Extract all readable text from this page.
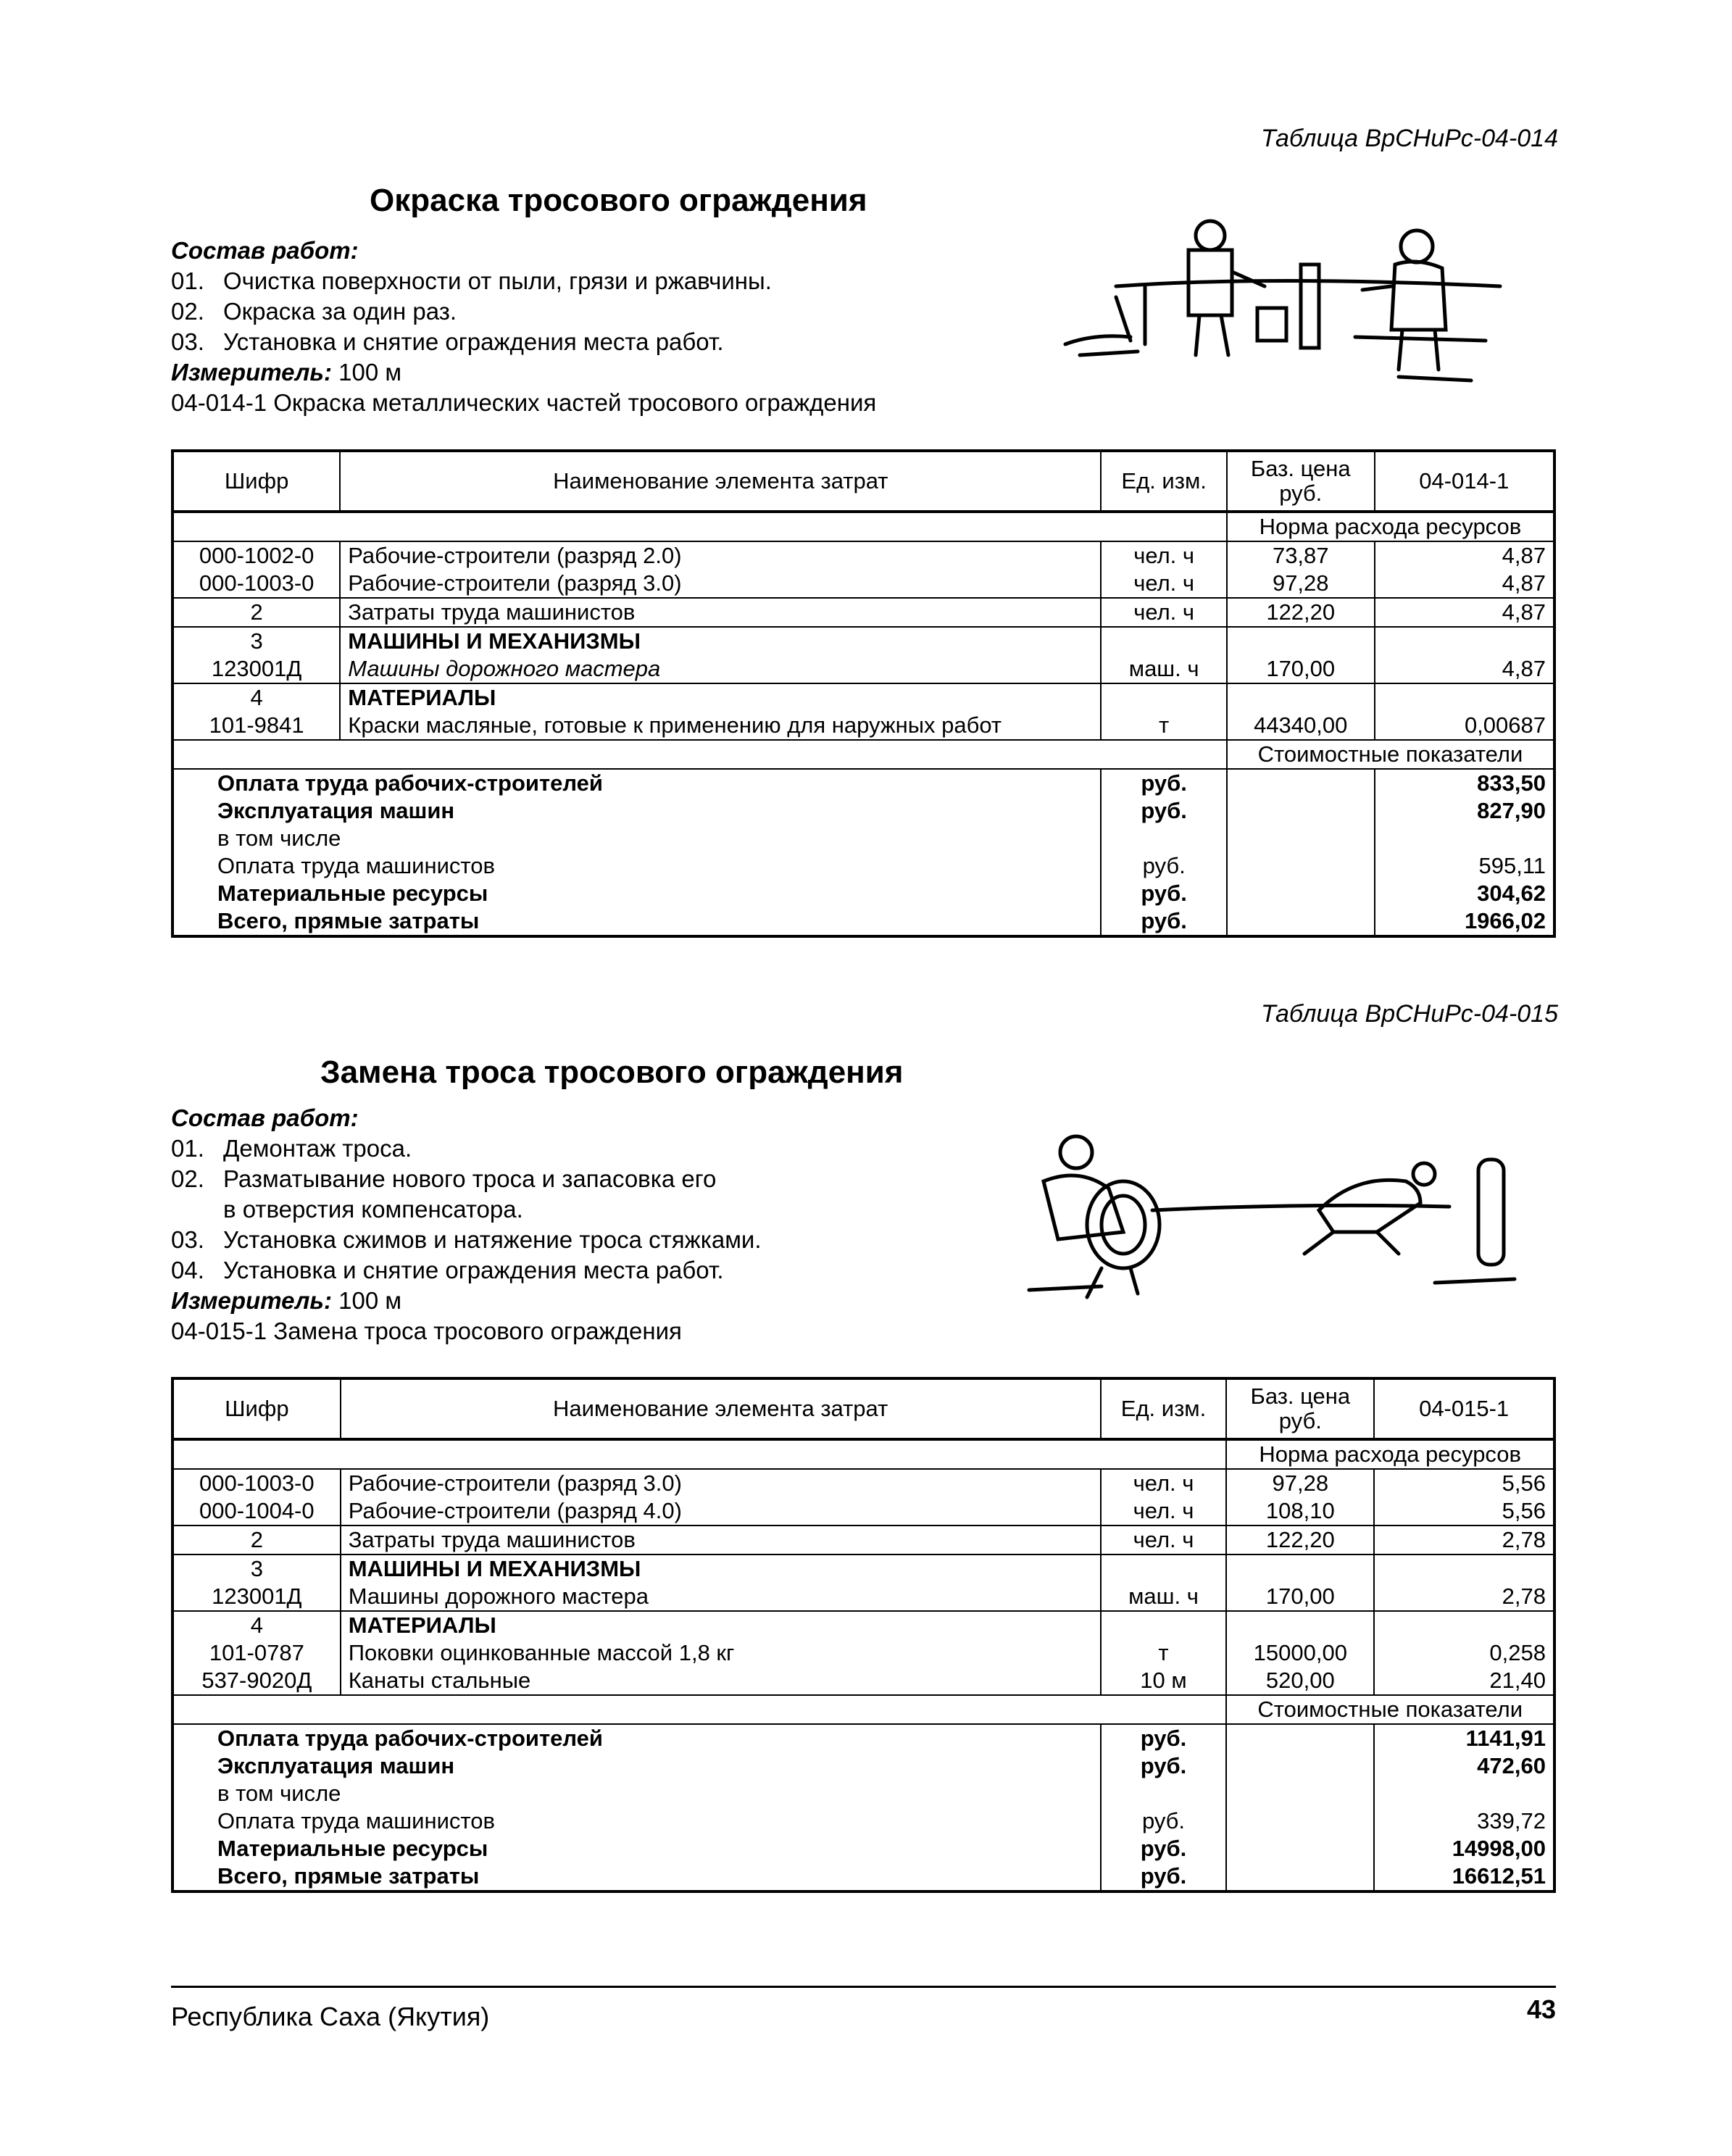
Таблица ВрСНиРс-04-014
Окраска тросового ограждения
Состав работ:
01. Очистка поверхности от пыли, грязи и ржавчины.
02. Окраска за один раз.
03. Установка и снятие ограждения места работ.
Измеритель: 100 м
04-014-1 Окраска металлических частей тросового ограждения
Шифр	Наименование элемента затрат	Ед. изм.	Баз. цена руб.	04-014-1
			Норма расхода ресурсов	
000-1002-0	Рабочие-строители (разряд 2.0)	чел. ч	73,87	4,87
000-1003-0	Рабочие-строители (разряд 3.0)	чел. ч	97,28	4,87
2	Затраты труда машинистов	чел. ч	122,20	4,87
3	МАШИНЫ И МЕХАНИЗМЫ			
123001Д	Машины дорожного мастера	маш. ч	170,00	4,87
4	МАТЕРИАЛЫ			
101-9841	Краски масляные, готовые к применению для наружных работ	т	44340,00	0,00687
			Стоимостные показатели	
Оплата труда рабочих-строителей		руб.		833,50
Эксплуатация машин		руб.		827,90
в том числе				
Оплата труда машинистов		руб.		595,11
Материальные ресурсы		руб.		304,62
Всего, прямые затраты		руб.		1966,02
Таблица ВрСНиРс-04-015
Замена троса тросового ограждения
Состав работ:
01. Демонтаж троса.
02. Разматывание нового троса и запасовка его
в отверстия компенсатора.
03. Установка сжимов и натяжение троса стяжками.
04. Установка и снятие ограждения места работ.
Измеритель: 100 м
04-015-1 Замена троса тросового ограждения
Шифр	Наименование элемента затрат	Ед. изм.	Баз. цена руб.	04-015-1
			Норма расхода ресурсов	
000-1003-0	Рабочие-строители (разряд 3.0)	чел. ч	97,28	5,56
000-1004-0	Рабочие-строители (разряд 4.0)	чел. ч	108,10	5,56
2	Затраты труда машинистов	чел. ч	122,20	2,78
3	МАШИНЫ И МЕХАНИЗМЫ			
123001Д	Машины дорожного мастера	маш. ч	170,00	2,78
4	МАТЕРИАЛЫ			
101-0787	Поковки оцинкованные массой 1,8 кг	т	15000,00	0,258
537-9020Д	Канаты стальные	10 м	520,00	21,40
			Стоимостные показатели	
Оплата труда рабочих-строителей		руб.		1141,91
Эксплуатация машин		руб.		472,60
в том числе				
Оплата труда машинистов		руб.		339,72
Материальные ресурсы		руб.		14998,00
Всего, прямые затраты		руб.		16612,51
Республика Саха (Якутия)	43
